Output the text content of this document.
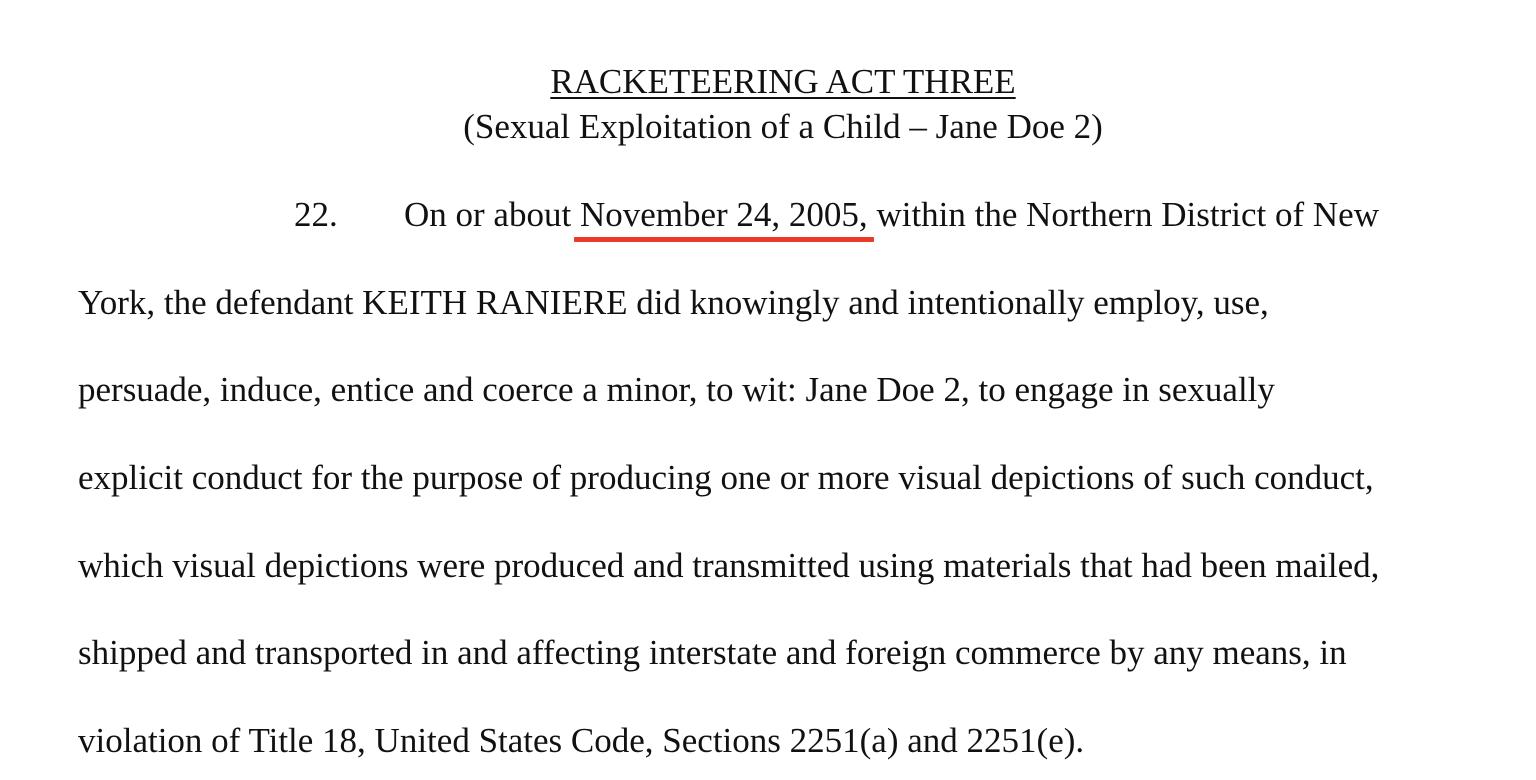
RACKETEERING ACT THREE
(Sexual Exploitation of a Child – Jane Doe 2)
22. On or about November 24, 2005, within the Northern District of New
York, the defendant KEITH RANIERE did knowingly and intentionally employ, use,
persuade, induce, entice and coerce a minor, to wit: Jane Doe 2, to engage in sexually
explicit conduct for the purpose of producing one or more visual depictions of such conduct,
which visual depictions were produced and transmitted using materials that had been mailed,
shipped and transported in and affecting interstate and foreign commerce by any means, in
violation of Title 18, United States Code, Sections 2251(a) and 2251(e).
